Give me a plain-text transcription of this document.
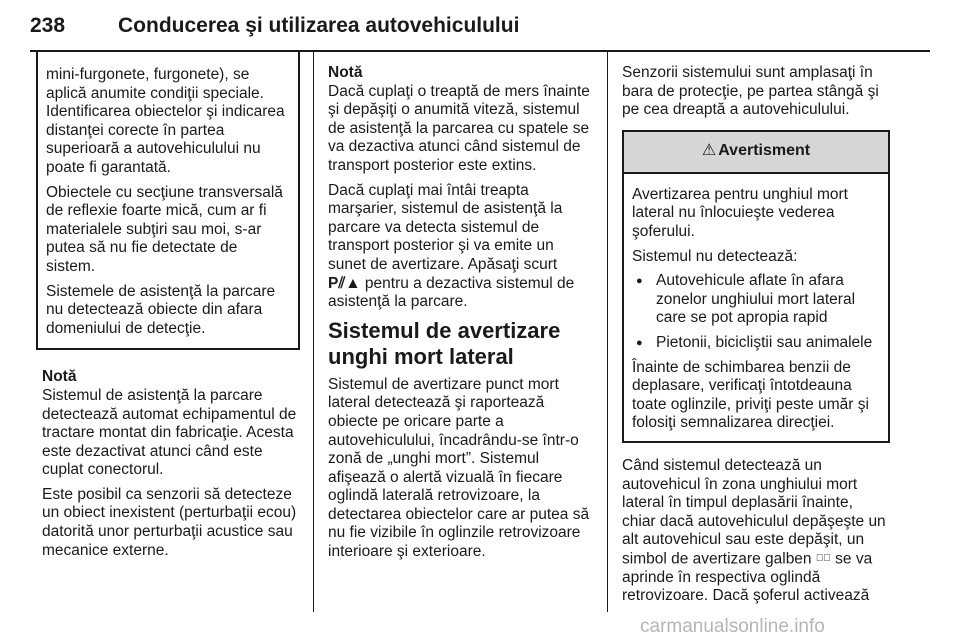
238	Conducerea şi utilizarea autovehiculului

mini-furgonete, furgonete), se aplică anumite condiţii speciale. Identificarea obiectelor şi indicarea distanţei corecte în partea superioară a autovehiculului nu poate fi garantată.

Obiectele cu secţiune transversală de reflexie foarte mică, cum ar fi materialele subţiri sau moi, s-ar putea să nu fie detectate de sistem.

Sistemele de asistenţă la parcare nu detectează obiecte din afara domeniului de detecţie.

Notă

Sistemul de asistenţă la parcare detectează automat echipamentul de tractare montat din fabricaţie. Acesta este dezactivat atunci când este cuplat conectorul.

Este posibil ca senzorii să detecteze un obiect inexistent (perturbaţii ecou) datorită unor perturbaţii acustice sau mecanice externe.

Notă

Dacă cuplaţi o treaptă de mers înainte şi depăşiţi o anumită viteză, sistemul de asistenţă la parcarea cu spatele se va dezactiva atunci când sistemul de transport posterior este extins.

Dacă cuplaţi mai întâi treapta marşarier, sistemul de asistenţă la parcare va detecta sistemul de transport posterior şi va emite un sunet de avertizare. Apăsaţi scurt P⫽▲ pentru a dezactiva sistemul de asistenţă la parcare.

Sistemul de avertizare unghi mort lateral

Sistemul de avertizare punct mort lateral detectează şi raportează obiecte pe oricare parte a autovehiculului, încadrându-se într-o zonă de „unghi mort”. Sistemul afişează o alertă vizuală în fiecare oglindă laterală retrovizoare, la detectarea obiectelor care ar putea să nu fie vizibile în oglinzile retrovizoare interioare şi exterioare.

Senzorii sistemului sunt amplasaţi în bara de protecţie, pe partea stângă şi pe cea dreaptă a autovehiculului.

⚠ Avertisment

Avertizarea pentru unghiul mort lateral nu înlocuieşte vederea şoferului.

Sistemul nu detectează:

● Autovehicule aflate în afara zonelor unghiului mort lateral care se pot apropia rapid
● Pietonii, bicicliştii sau animalele

Înainte de schimbarea benzii de deplasare, verificaţi întotdeauna toate oglinzile, priviţi peste umăr şi folosiţi semnalizarea direcţiei.

Când sistemul detectează un autovehicul în zona unghiului mort lateral în timpul deplasării înainte, chiar dacă autovehiculul depăşeşte un alt autovehicul sau este depăşit, un simbol de avertizare galben ⊿⃞ se va aprinde în respectiva oglindă retrovizoare. Dacă şoferul activează

carmanualsonline.info
